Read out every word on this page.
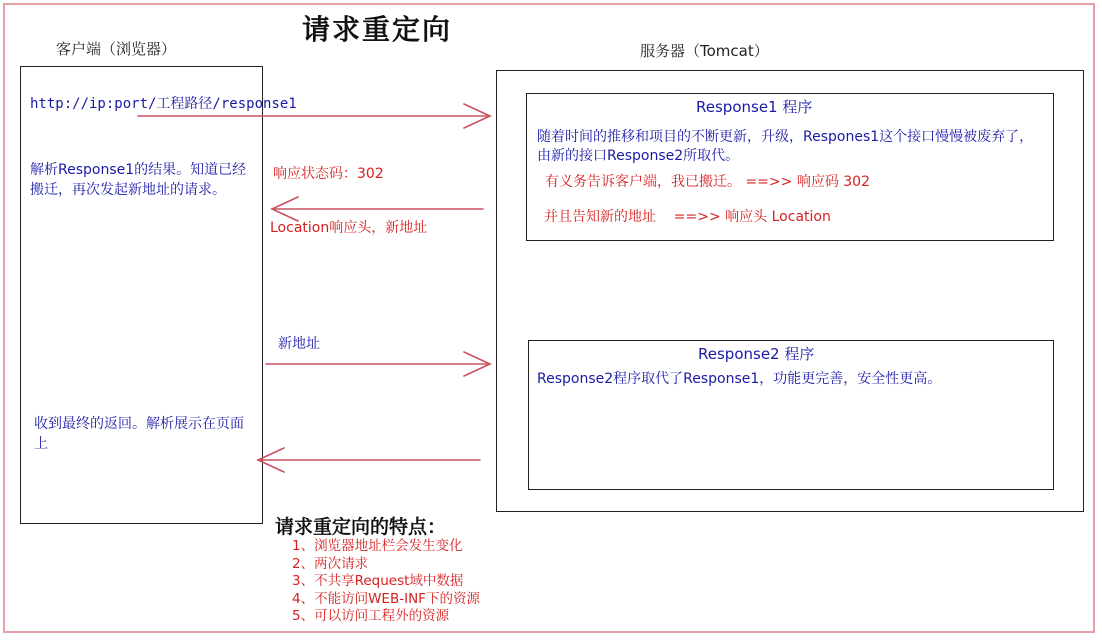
请求重定向
客户端（浏览器）	服务器（Tomcat）
http://ip:port/工程路径/response1
解析Response1的结果。知道已经搬迁，再次发起新地址的请求。
收到最终的返回。解析展示在页面上
Response1 程序
随着时间的推移和项目的不断更新，升级，Respones1这个接口慢慢被废弃了，由新的接口Response2所取代。
有义务告诉客户端，我已搬迁。 ==>> 响应码 302
并且告知新的地址    ==>> 响应头 Location
Response2 程序
Response2程序取代了Response1，功能更完善，安全性更高。
响应状态码：302
Location响应头，新地址
新地址
请求重定向的特点：
1、浏览器地址栏会发生变化
2、两次请求
3、不共享Request域中数据
4、不能访问WEB-INF下的资源
5、可以访问工程外的资源
